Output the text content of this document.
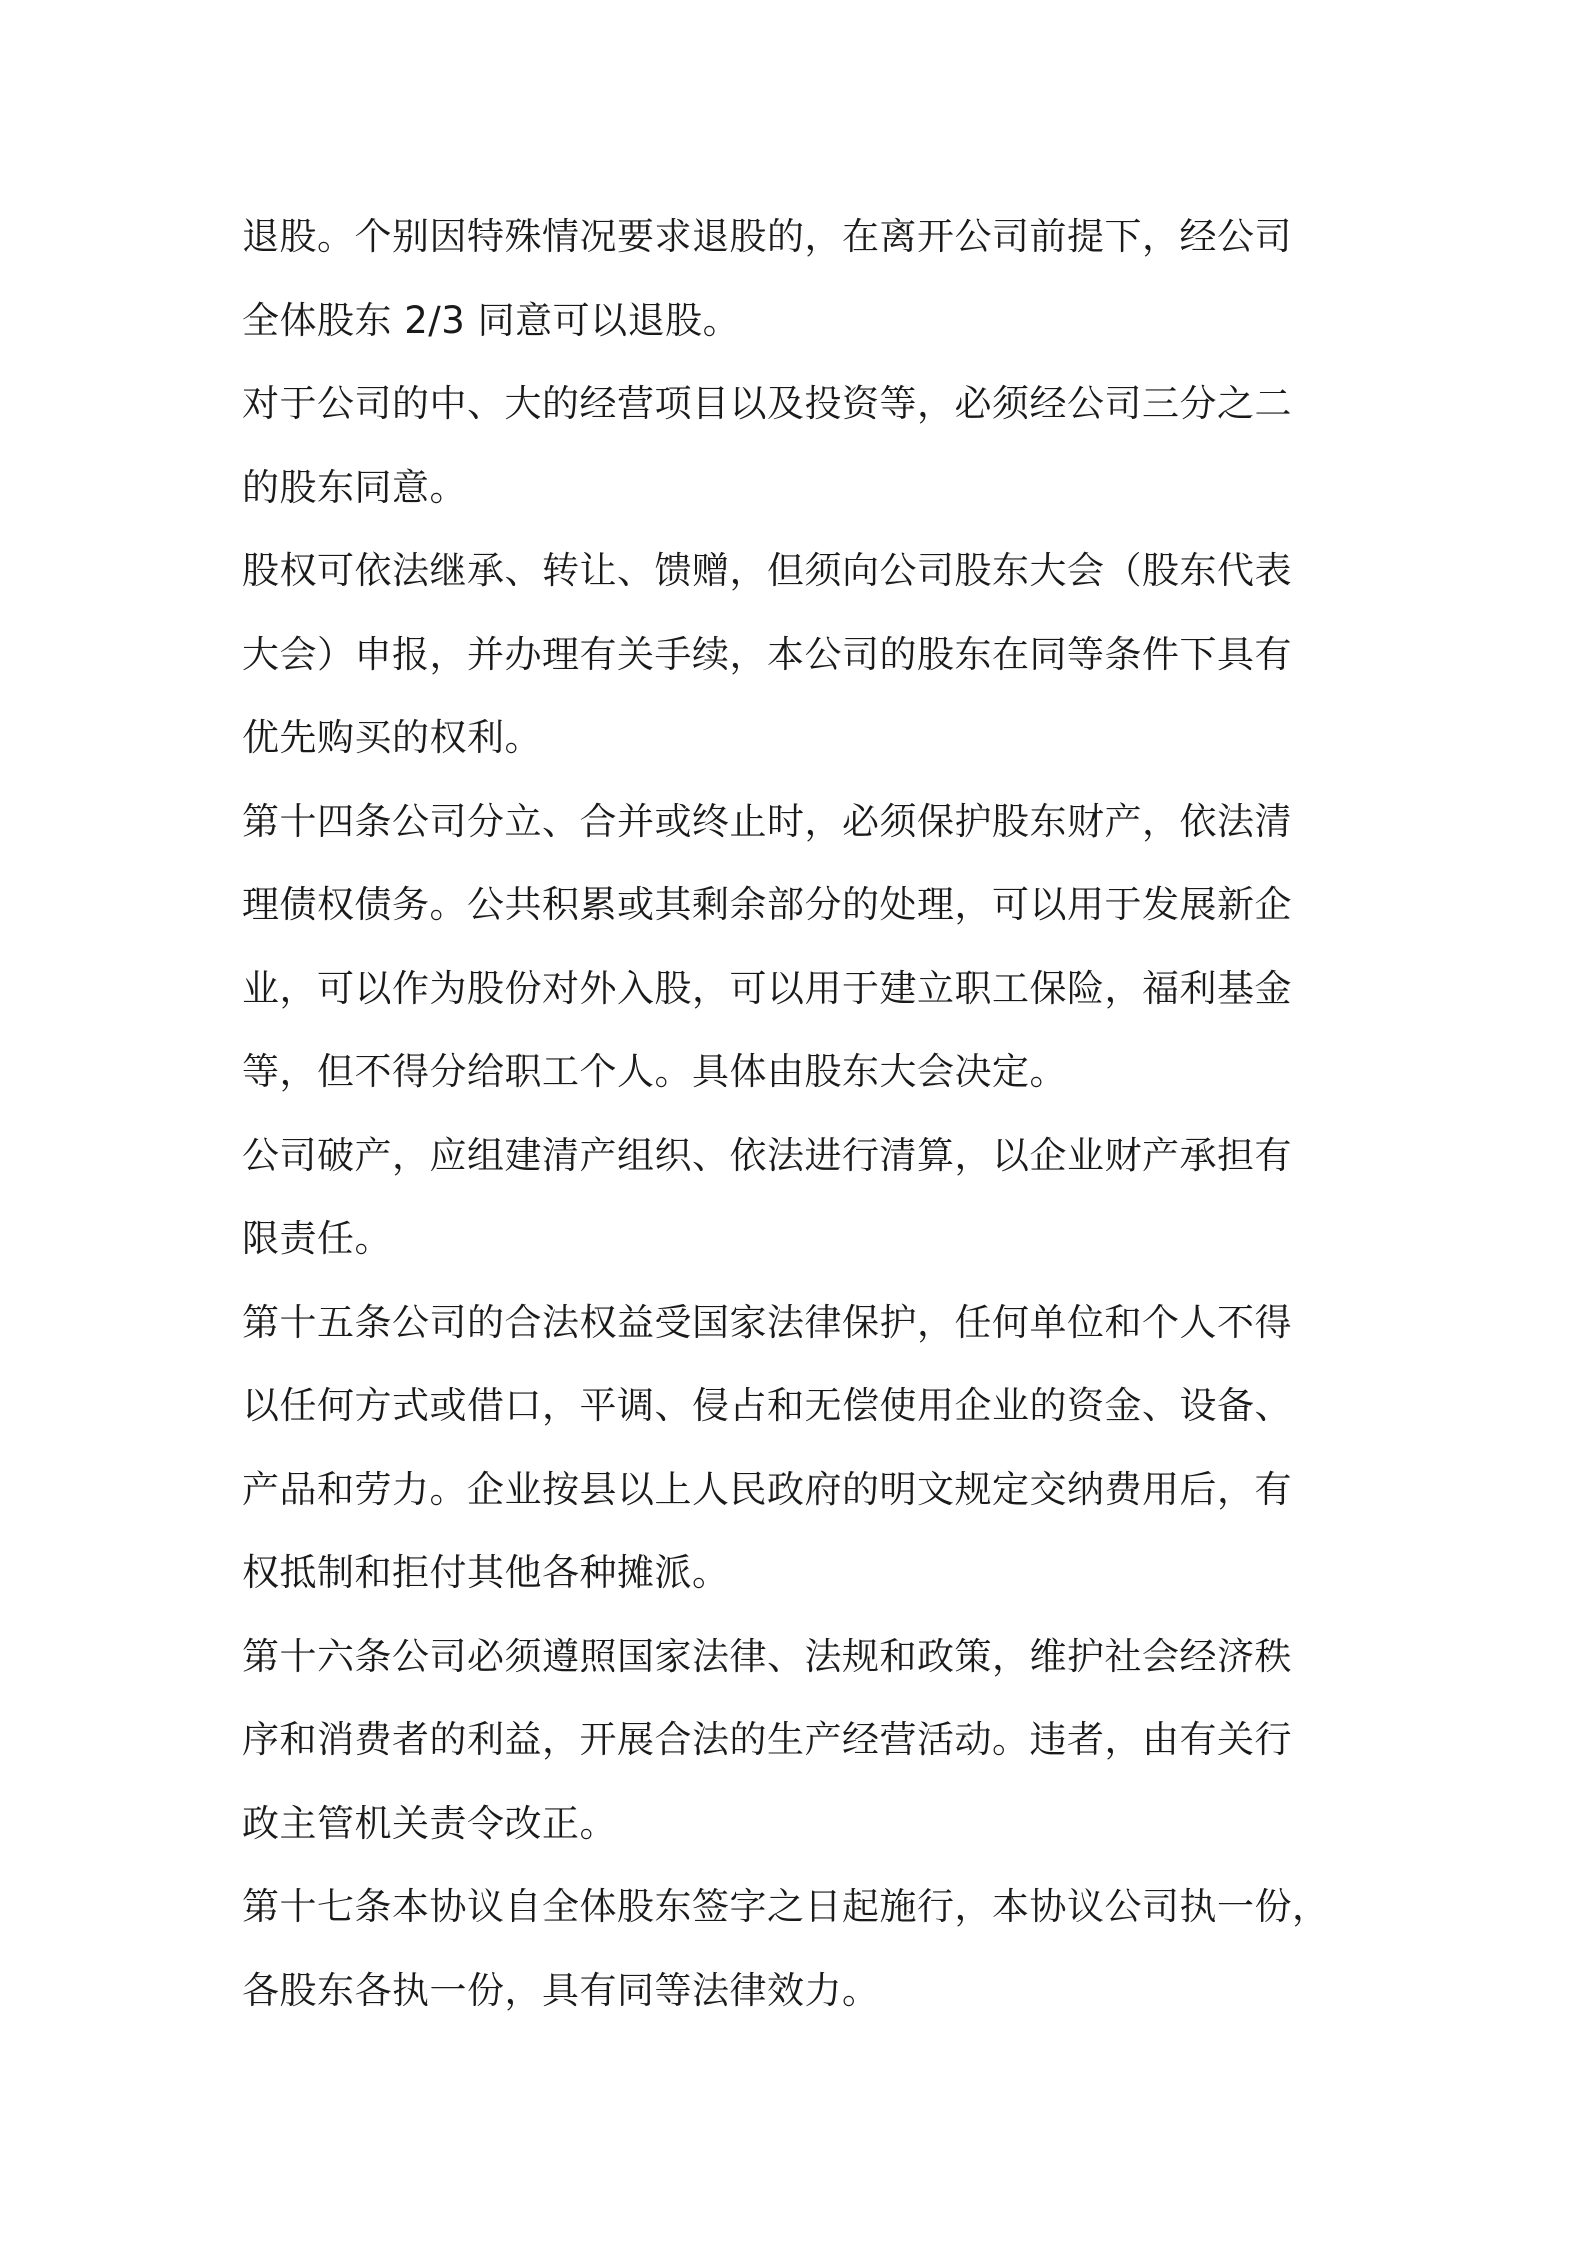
退股。个别因特殊情况要求退股的，在离开公司前提下，经公司
全体股东 2/3 同意可以退股。
对于公司的中、大的经营项目以及投资等，必须经公司三分之二
的股东同意。
股权可依法继承、转让、馈赠，但须向公司股东大会（股东代表
大会）申报，并办理有关手续，本公司的股东在同等条件下具有
优先购买的权利。
第十四条公司分立、合并或终止时，必须保护股东财产，依法清
理债权债务。公共积累或其剩余部分的处理，可以用于发展新企
业，可以作为股份对外入股，可以用于建立职工保险，福利基金
等，但不得分给职工个人。具体由股东大会决定。
公司破产，应组建清产组织、依法进行清算，以企业财产承担有
限责任。
第十五条公司的合法权益受国家法律保护，任何单位和个人不得
以任何方式或借口，平调、侵占和无偿使用企业的资金、设备、
产品和劳力。企业按县以上人民政府的明文规定交纳费用后，有
权抵制和拒付其他各种摊派。
第十六条公司必须遵照国家法律、法规和政策，维护社会经济秩
序和消费者的利益，开展合法的生产经营活动。违者，由有关行
政主管机关责令改正。
第十七条本协议自全体股东签字之日起施行，本协议公司执一份，
各股东各执一份，具有同等法律效力。
